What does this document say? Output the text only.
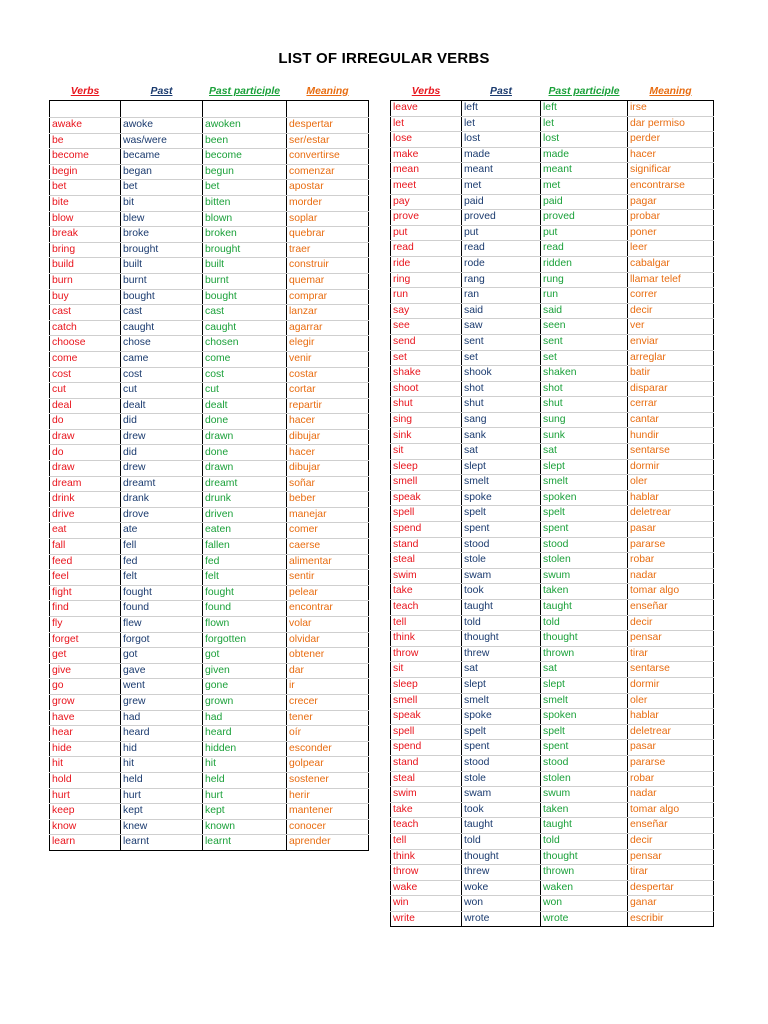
LIST OF IRREGULAR VERBS
Verbs	Past	Past participle	Meaning

awake	awoke	awoken	despertar
be	was/were	been	ser/estar
become	became	become	convertirse
begin	began	begun	comenzar
bet	bet	bet	apostar
bite	bit	bitten	morder
blow	blew	blown	soplar
break	broke	broken	quebrar
bring	brought	brought	traer
build	built	built	construir
burn	burnt	burnt	quemar
buy	bought	bought	comprar
cast	cast	cast	lanzar
catch	caught	caught	agarrar
choose	chose	chosen	elegir
come	came	come	venir
cost	cost	cost	costar
cut	cut	cut	cortar
deal	dealt	dealt	repartir
do	did	done	hacer
draw	drew	drawn	dibujar
do	did	done	hacer
draw	drew	drawn	dibujar
dream	dreamt	dreamt	soñar
drink	drank	drunk	beber
drive	drove	driven	manejar
eat	ate	eaten	comer
fall	fell	fallen	caerse
feed	fed	fed	alimentar
feel	felt	felt	sentir
fight	fought	fought	pelear
find	found	found	encontrar
fly	flew	flown	volar
forget	forgot	forgotten	olvidar
get	got	got	obtener
give	gave	given	dar
go	went	gone	ir
grow	grew	grown	crecer
have	had	had	tener
hear	heard	heard	oír
hide	hid	hidden	esconder
hit	hit	hit	golpear
hold	held	held	sostener
hurt	hurt	hurt	herir
keep	kept	kept	mantener
know	knew	known	conocer
learn	learnt	learnt	aprender
Verbs	Past	Past participle	Meaning
leave	left	left	irse
let	let	let	dar permiso
lose	lost	lost	perder
make	made	made	hacer
mean	meant	meant	significar
meet	met	met	encontrarse
pay	paid	paid	pagar
prove	proved	proved	probar
put	put	put	poner
read	read	read	leer
ride	rode	ridden	cabalgar
ring	rang	rung	llamar telef
run	ran	run	correr
say	said	said	decir
see	saw	seen	ver
send	sent	sent	enviar
set	set	set	arreglar
shake	shook	shaken	batir
shoot	shot	shot	disparar
shut	shut	shut	cerrar
sing	sang	sung	cantar
sink	sank	sunk	hundir
sit	sat	sat	sentarse
sleep	slept	slept	dormir
smell	smelt	smelt	oler
speak	spoke	spoken	hablar
spell	spelt	spelt	deletrear
spend	spent	spent	pasar
stand	stood	stood	pararse
steal	stole	stolen	robar
swim	swam	swum	nadar
take	took	taken	tomar algo
teach	taught	taught	enseñar
tell	told	told	decir
think	thought	thought	pensar
throw	threw	thrown	tirar
sit	sat	sat	sentarse
sleep	slept	slept	dormir
smell	smelt	smelt	oler
speak	spoke	spoken	hablar
spell	spelt	spelt	deletrear
spend	spent	spent	pasar
stand	stood	stood	pararse
steal	stole	stolen	robar
swim	swam	swum	nadar
take	took	taken	tomar algo
teach	taught	taught	enseñar
tell	told	told	decir
think	thought	thought	pensar
throw	threw	thrown	tirar
wake	woke	waken	despertar
win	won	won	ganar
write	wrote	wrote	escribir
